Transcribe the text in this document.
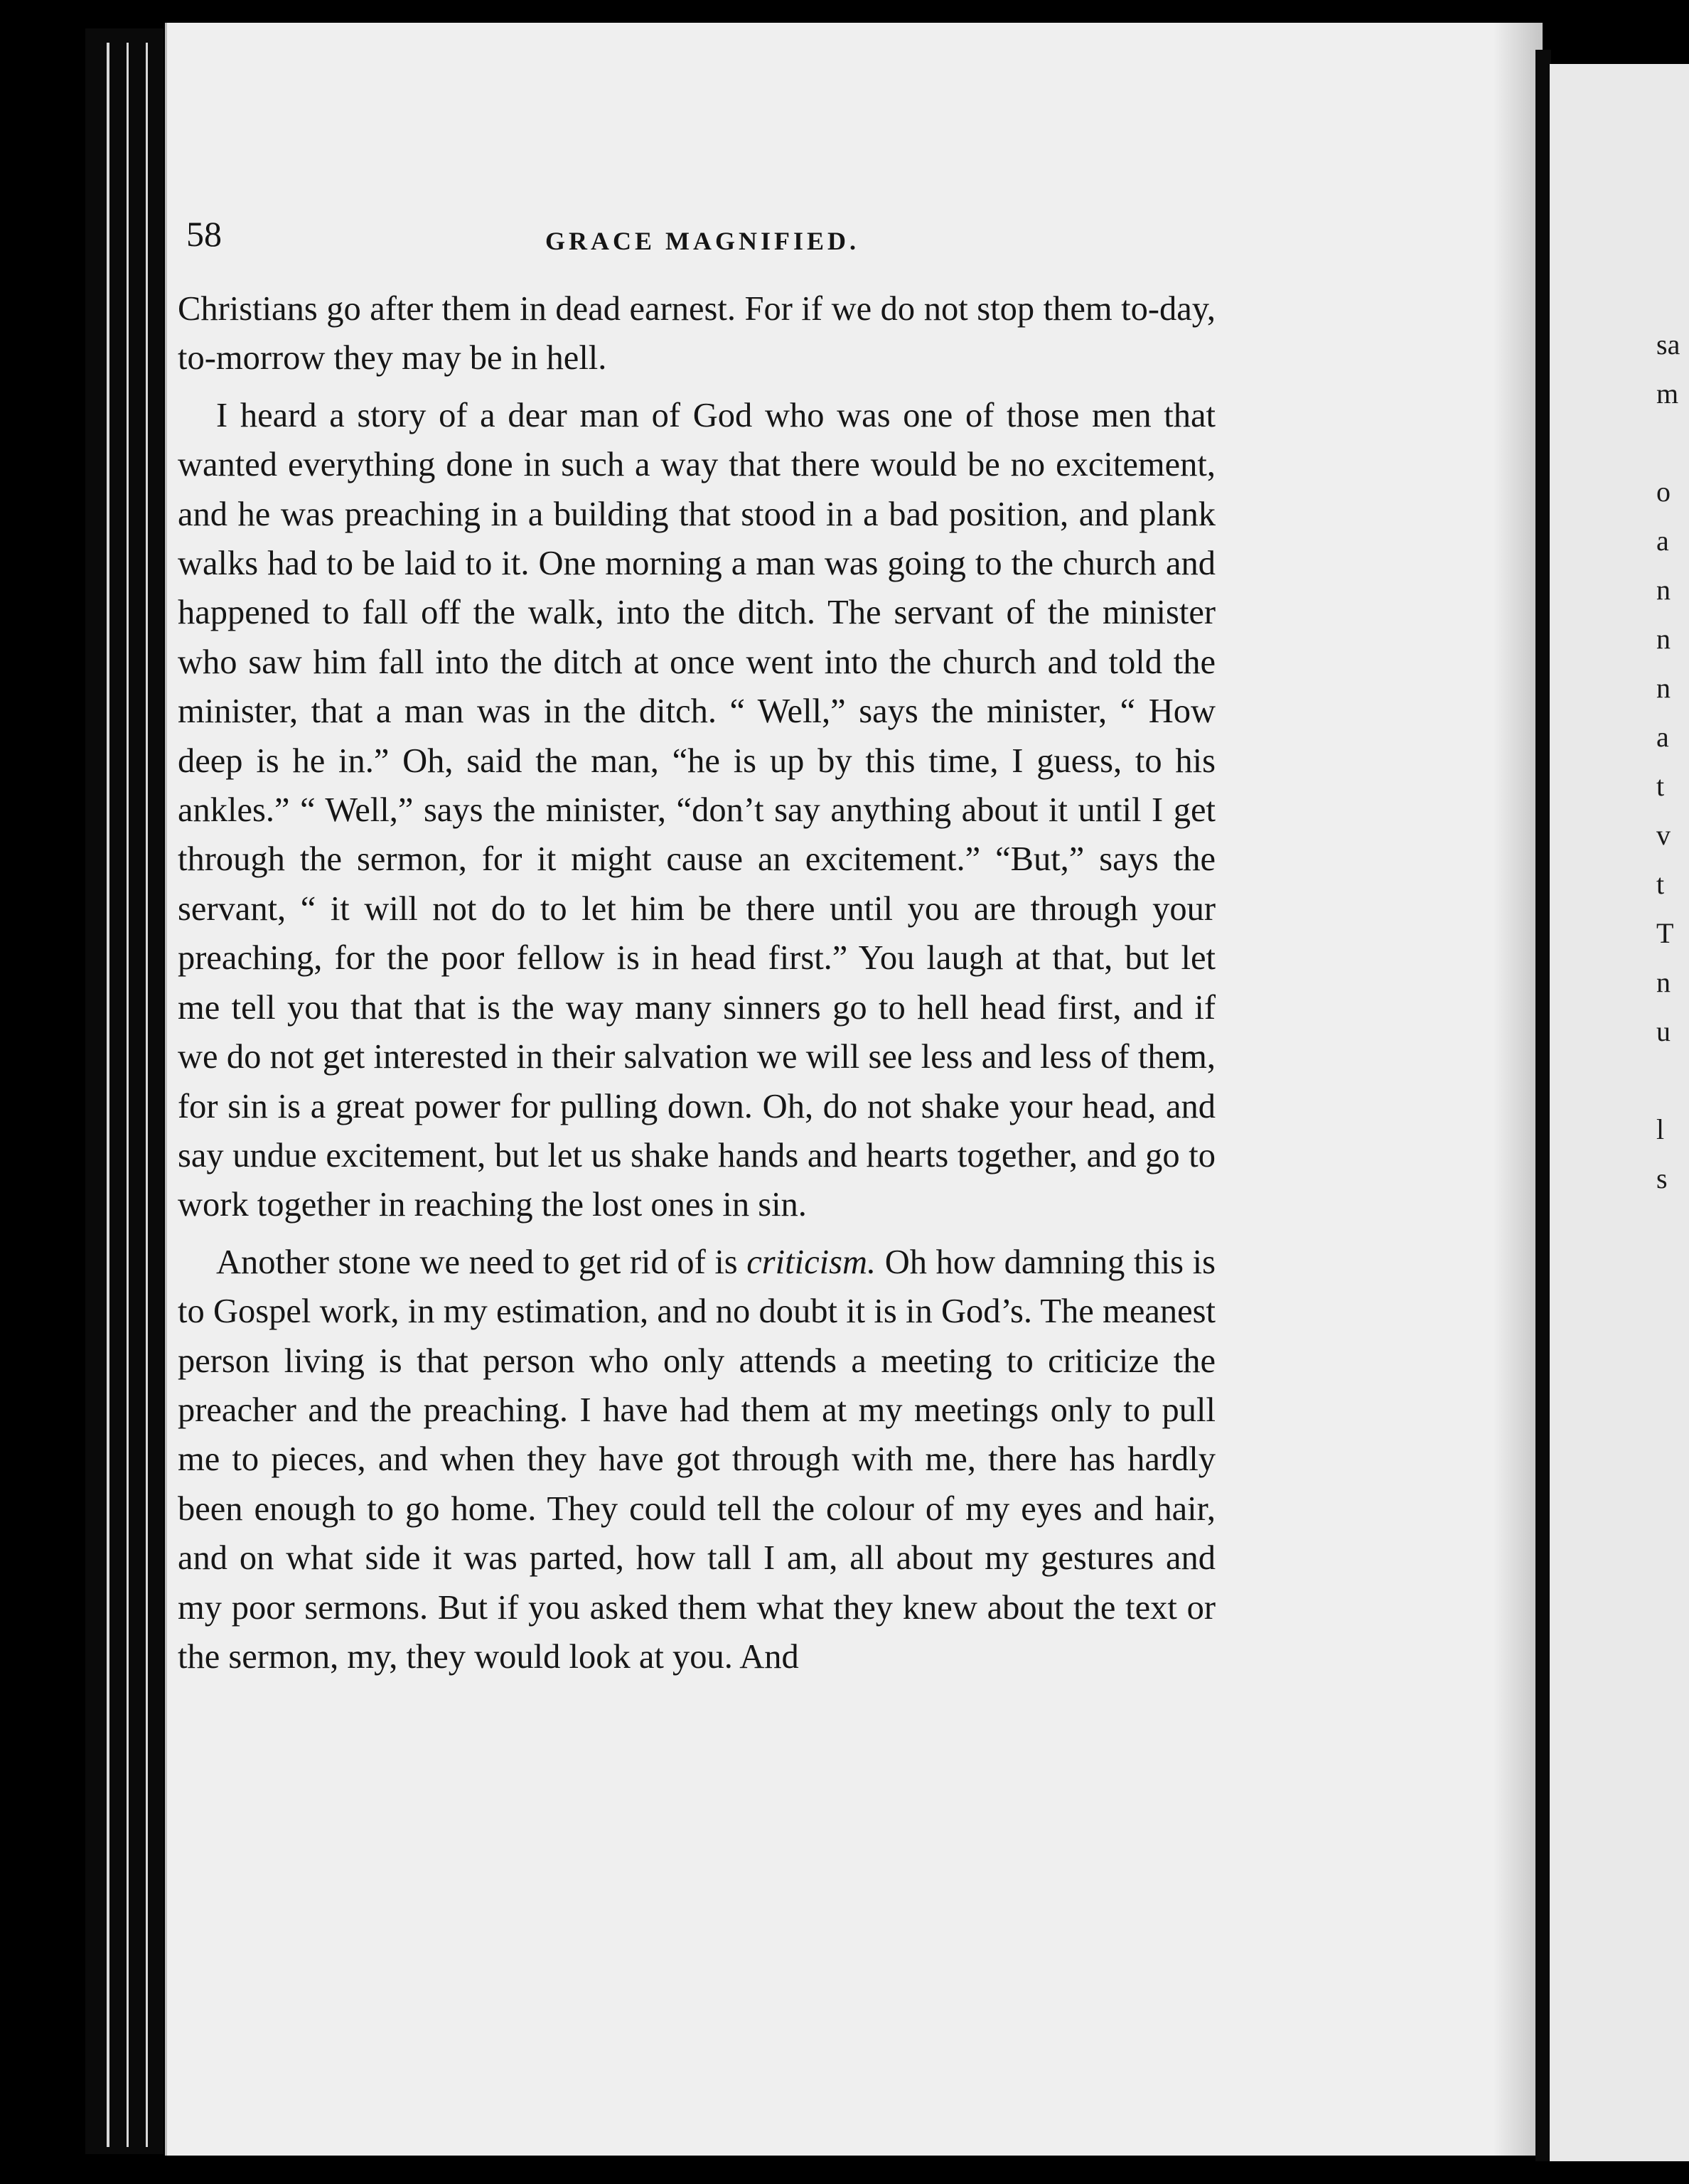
sa
m
o
a
n
n
n
a
t
v
t
T
n
u
l
s
58	GRACE MAGNIFIED.

Christians go after them in dead earnest. For if we do not stop them to-day, to-morrow they may be in hell.

I heard a story of a dear man of God who was one of those men that wanted everything done in such a way that there would be no excitement, and he was preaching in a building that stood in a bad position, and plank walks had to be laid to it. One morning a man was going to the church and happened to fall off the walk, into the ditch. The servant of the minister who saw him fall into the ditch at once went into the church and told the minister, that a man was in the ditch. “ Well,” says the minister, “ How deep is he in.” Oh, said the man, “he is up by this time, I guess, to his ankles.” “ Well,” says the minister, “don’t say anything about it until I get through the sermon, for it might cause an excitement.” “But,” says the servant, “ it will not do to let him be there until you are through your preaching, for the poor fellow is in head first.” You laugh at that, but let me tell you that that is the way many sinners go to hell head first, and if we do not get interested in their salvation we will see less and less of them, for sin is a great power for pulling down. Oh, do not shake your head, and say undue excitement, but let us shake hands and hearts together, and go to work together in reaching the lost ones in sin.

Another stone we need to get rid of is criticism. Oh how damning this is to Gospel work, in my estimation, and no doubt it is in God’s. The meanest person living is that person who only attends a meeting to criticize the preacher and the preaching. I have had them at my meetings only to pull me to pieces, and when they have got through with me, there has hardly been enough to go home. They could tell the colour of my eyes and hair, and on what side it was parted, how tall I am, all about my gestures and my poor sermons. But if you asked them what they knew about the text or the sermon, my, they would look at you. And
